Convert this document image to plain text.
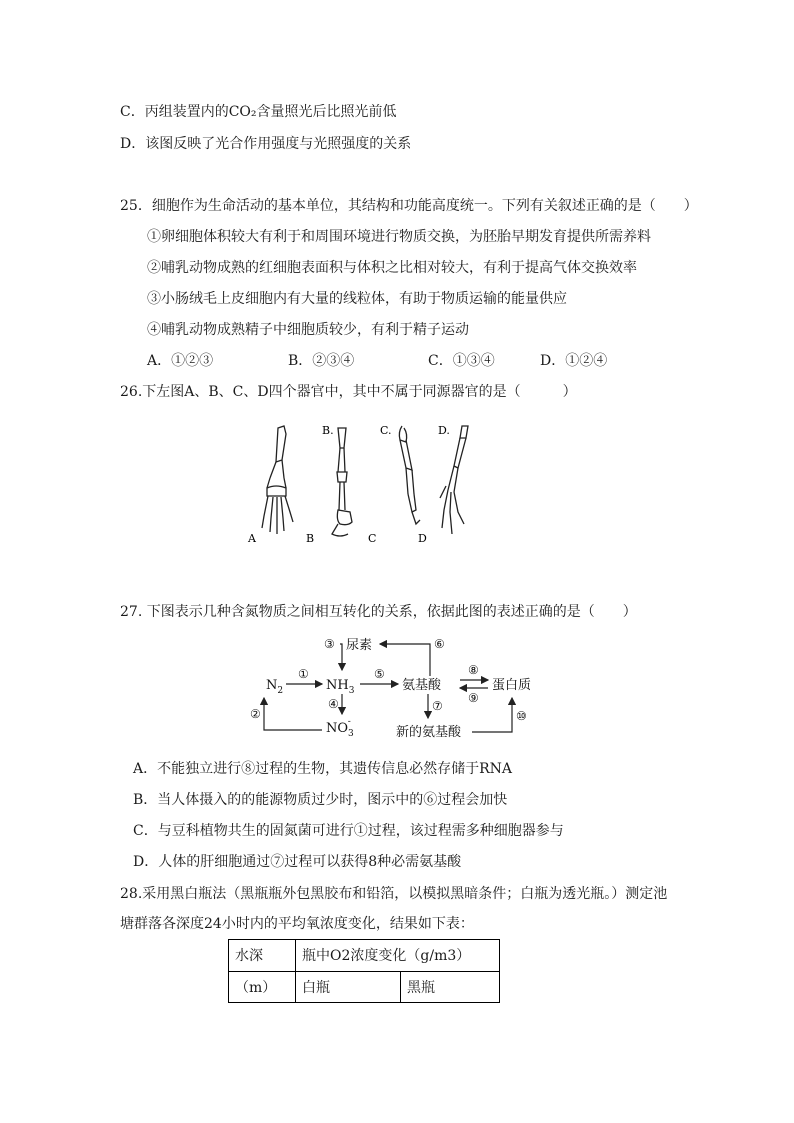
C．丙组装置内的CO₂含量照光后比照光前低
D．该图反映了光合作用强度与光照强度的关系
25．细胞作为生命活动的基本单位，其结构和功能高度统一。下列有关叙述正确的是（　　）
①卵细胞体积较大有利于和周围环境进行物质交换，为胚胎早期发育提供所需养料
②哺乳动物成熟的红细胞表面积与体积之比相对较大，有利于提高气体交换效率
③小肠绒毛上皮细胞内有大量的线粒体，有助于物质运输的能量供应
④哺乳动物成熟精子中细胞质较少，有利于精子运动
A．①②③	B．②③④	C．①③④	D．①②④
26.下左图A、B、C、D四个器官中，其中不属于同源器官的是（　　　）
B.	C.	D.
A	B	C	D
27. 下图表示几种含氮物质之间相互转化的关系，依据此图的表述正确的是（　　）
尿素
③	⑥
$N_2$
①
$NH_3$
⑤
氨基酸
⑧
⑨
蛋白质
④	⑦
②
$NO_3-$
新的氨基酸
⑩
A．不能独立进行⑧过程的生物，其遗传信息必然存储于RNA
B．当人体摄入的的能源物质过少时，图示中的⑥过程会加快
C．与豆科植物共生的固氮菌可进行①过程，该过程需多种细胞器参与
D．人体的肝细胞通过⑦过程可以获得8种必需氨基酸
28.采用黑白瓶法（黑瓶瓶外包黑胶布和铅箔，以模拟黑暗条件；白瓶为透光瓶。）测定池
塘群落各深度24小时内的平均氧浓度变化，结果如下表：
水深	瓶中O2浓度变化（g/m3）	
（m）	白瓶	黑瓶
